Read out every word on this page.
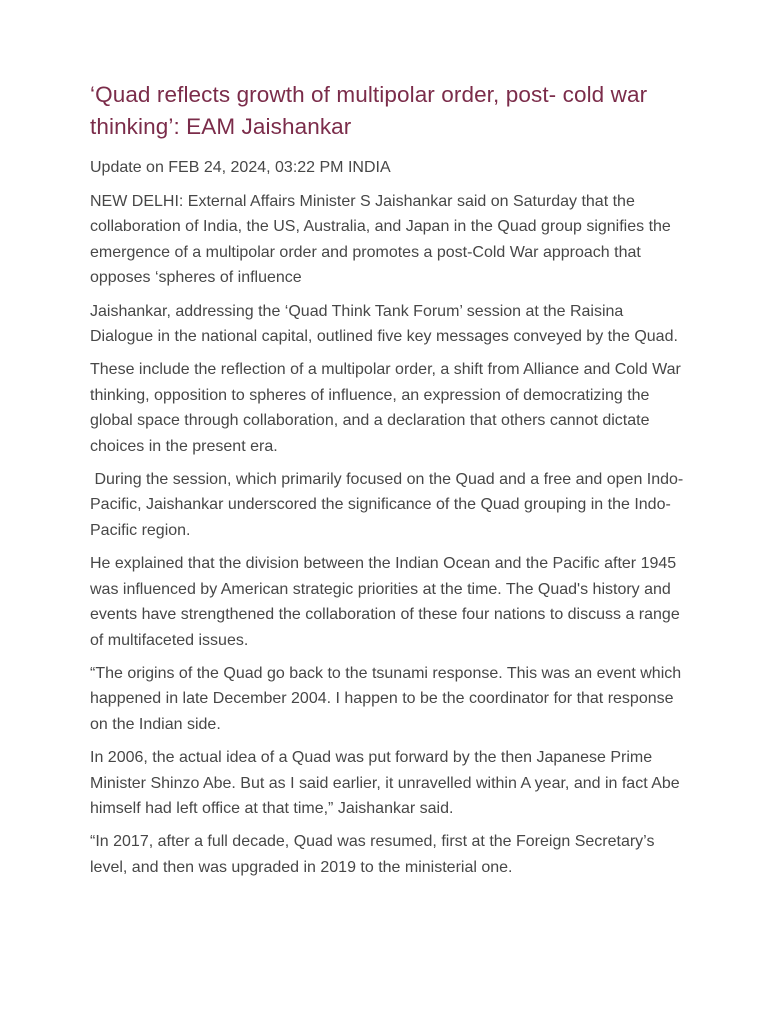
‘Quad reflects growth of multipolar order, post- cold war thinking’: EAM Jaishankar

Update on FEB 24, 2024, 03:22 PM INDIA

NEW DELHI: External Affairs Minister S Jaishankar said on Saturday that the collaboration of India, the US, Australia, and Japan in the Quad group signifies the emergence of a multipolar order and promotes a post-Cold War approach that opposes ‘spheres of influence

Jaishankar, addressing the ‘Quad Think Tank Forum’ session at the Raisina Dialogue in the national capital, outlined five key messages conveyed by the Quad.

These include the reflection of a multipolar order, a shift from Alliance and Cold War thinking, opposition to spheres of influence, an expression of democratizing the global space through collaboration, and a declaration that others cannot dictate choices in the present era.

During the session, which primarily focused on the Quad and a free and open Indo-Pacific, Jaishankar underscored the significance of the Quad grouping in the Indo- Pacific region.

He explained that the division between the Indian Ocean and the Pacific after 1945 was influenced by American strategic priorities at the time. The Quad's history and events have strengthened the collaboration of these four nations to discuss a range of multifaceted issues.

“The origins of the Quad go back to the tsunami response. This was an event which happened in late December 2004. I happen to be the coordinator for that response on the Indian side.

In 2006, the actual idea of a Quad was put forward by the then Japanese Prime Minister Shinzo Abe. But as I said earlier, it unravelled within A year, and in fact Abe himself had left office at that time,” Jaishankar said.

“In 2017, after a full decade, Quad was resumed, first at the Foreign Secretary’s level, and then was upgraded in 2019 to the ministerial one.
